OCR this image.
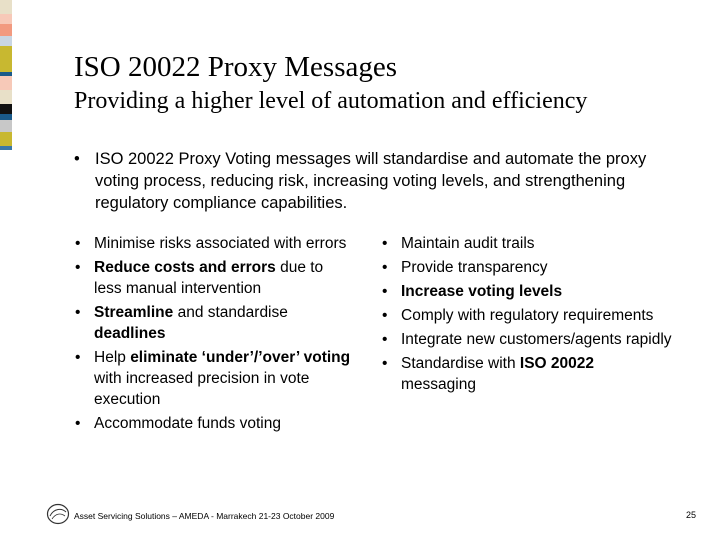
ISO 20022 Proxy Messages
Providing a higher level of automation and efficiency
• ISO 20022 Proxy Voting messages will standardise and automate the proxy voting process, reducing risk, increasing voting levels, and strengthening regulatory compliance capabilities.
• Minimise risks associated with errors
• Reduce costs and errors due to less manual intervention
• Streamline and standardise deadlines
• Help eliminate ‘under’/’over’ voting with increased precision in vote execution
• Accommodate funds voting
• Maintain audit trails
• Provide transparency
• Increase voting levels
• Comply with regulatory requirements
• Integrate new customers/agents rapidly
• Standardise with ISO 20022 messaging
Asset Servicing Solutions – AMEDA - Marrakech 21-23 October 2009	25
